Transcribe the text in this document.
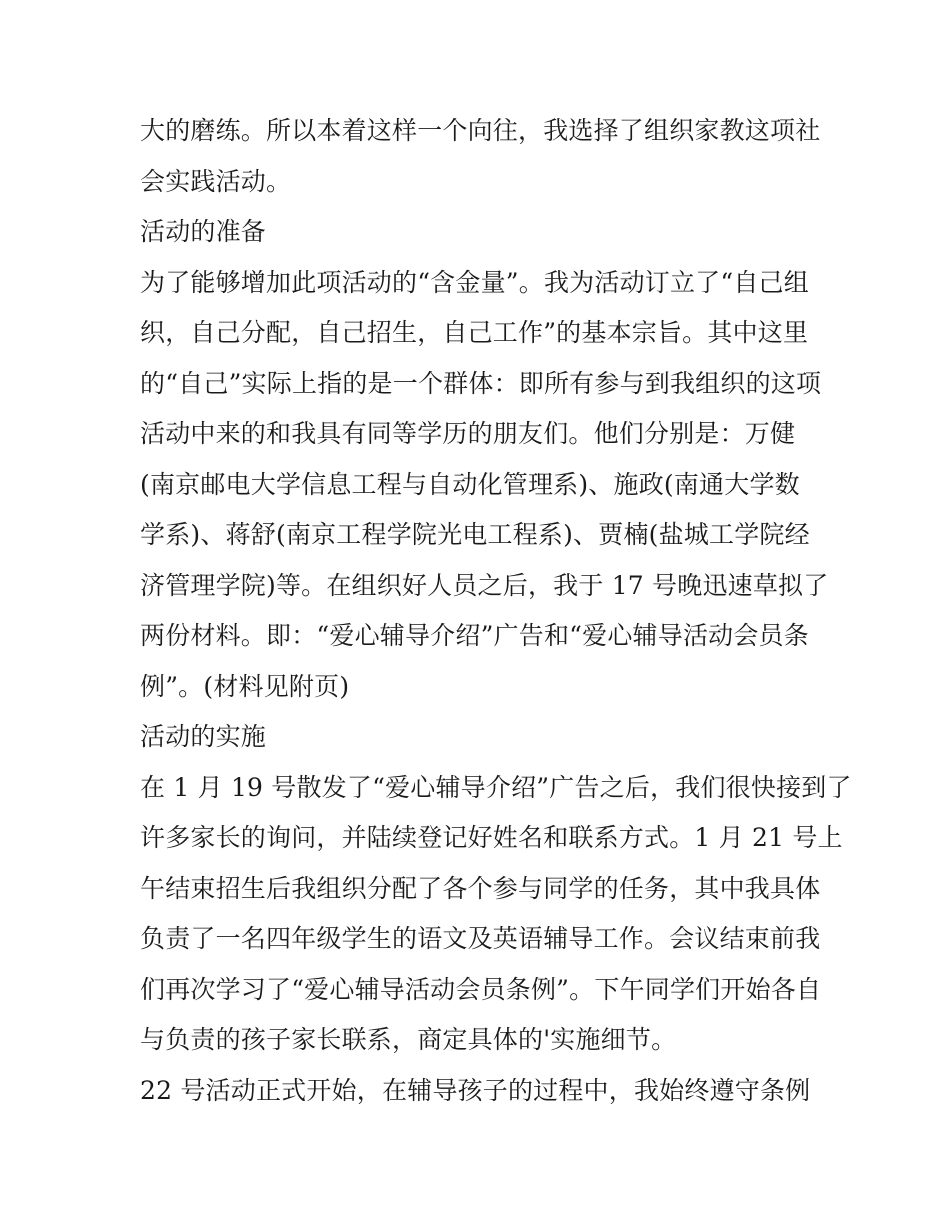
大的磨练。所以本着这样一个向往，我选择了组织家教这项社
会实践活动。
活动的准备
为了能够增加此项活动的“含金量”。我为活动订立了“自己组
织，自己分配，自己招生，自己工作”的基本宗旨。其中这里
的“自己”实际上指的是一个群体：即所有参与到我组织的这项
活动中来的和我具有同等学历的朋友们。他们分别是：万健
(南京邮电大学信息工程与自动化管理系)、施政(南通大学数
学系)、蒋舒(南京工程学院光电工程系)、贾楠(盐城工学院经
济管理学院)等。在组织好人员之后，我于 17 号晚迅速草拟了
两份材料。即：“爱心辅导介绍”广告和“爱心辅导活动会员条
例”。(材料见附页)
活动的实施
在 1 月 19 号散发了“爱心辅导介绍”广告之后，我们很快接到了
许多家长的询问，并陆续登记好姓名和联系方式。1 月 21 号上
午结束招生后我组织分配了各个参与同学的任务，其中我具体
负责了一名四年级学生的语文及英语辅导工作。会议结束前我
们再次学习了“爱心辅导活动会员条例”。下午同学们开始各自
与负责的孩子家长联系，商定具体的'实施细节。
22 号活动正式开始，在辅导孩子的过程中，我始终遵守条例
